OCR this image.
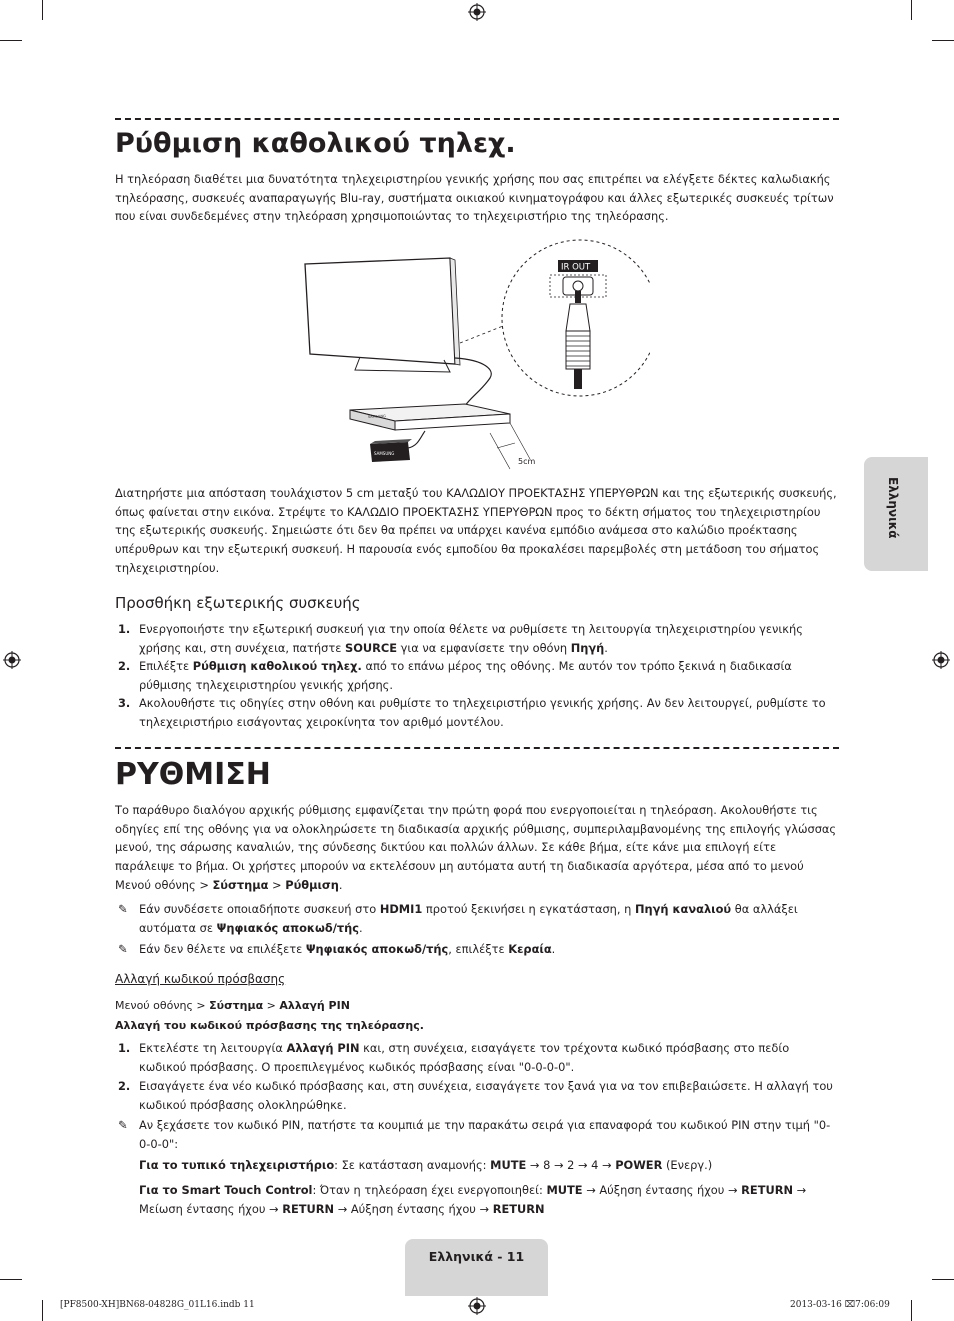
Ρύθμιση καθολικού τηλεχ.

Η τηλεόραση διαθέτει μια δυνατότητα τηλεχειριστηρίου γενικής χρήσης που σας επιτρέπει να ελέγξετε δέκτες καλωδιακής τηλεόρασης, συσκευές αναπαραγωγής Blu-ray, συστήματα οικιακού κινηματογράφου και άλλες εξωτερικές συσκευές τρίτων που είναι συνδεδεμένες στην τηλεόραση χρησιμοποιώντας το τηλεχειριστήριο της τηλεόρασης.

SAMSUNG
SAMSUNG
5cm
IR OUT

Διατηρήστε μια απόσταση τουλάχιστον 5 cm μεταξύ του ΚΑΛΩΔΙΟΥ ΠΡΟΕΚΤΑΣΗΣ ΥΠΕΡΥΘΡΩΝ και της εξωτερικής συσκευής, όπως φαίνεται στην εικόνα. Στρέψτε το ΚΑΛΩΔΙΟ ΠΡΟΕΚΤΑΣΗΣ ΥΠΕΡΥΘΡΩΝ προς το δέκτη σήματος του τηλεχειριστηρίου της εξωτερικής συσκευής. Σημειώστε ότι δεν θα πρέπει να υπάρχει κανένα εμπόδιο ανάμεσα στο καλώδιο προέκτασης υπέρυθρων και την εξωτερική συσκευή. Η παρουσία ενός εμποδίου θα προκαλέσει παρεμβολές στη μετάδοση του σήματος τηλεχειριστηρίου.

Προσθήκη εξωτερικής συσκευής
1. Ενεργοποιήστε την εξωτερική συσκευή για την οποία θέλετε να ρυθμίσετε τη λειτουργία τηλεχειριστηρίου γενικής χρήσης και, στη συνέχεια, πατήστε SOURCE για να εμφανίσετε την οθόνη Πηγή.
2. Επιλέξτε Ρύθμιση καθολικού τηλεχ. από το επάνω μέρος της οθόνης. Με αυτόν τον τρόπο ξεκινά η διαδικασία ρύθμισης τηλεχειριστηρίου γενικής χρήσης.
3. Ακολουθήστε τις οδηγίες στην οθόνη και ρυθμίστε το τηλεχειριστήριο γενικής χρήσης. Αν δεν λειτουργεί, ρυθμίστε το τηλεχειριστήριο εισάγοντας χειροκίνητα τον αριθμό μοντέλου.
ΡΥΘΜΙΣΗ

Το παράθυρο διαλόγου αρχικής ρύθμισης εμφανίζεται την πρώτη φορά που ενεργοποιείται η τηλεόραση. Ακολουθήστε τις οδηγίες επί της οθόνης για να ολοκληρώσετε τη διαδικασία αρχικής ρύθμισης, συμπεριλαμβανομένης της επιλογής γλώσσας μενού, της σάρωσης καναλιών, της σύνδεσης δικτύου και πολλών άλλων. Σε κάθε βήμα, είτε κάνε μια επιλογή είτε παράλειψε το βήμα. Οι χρήστες μπορούν να εκτελέσουν μη αυτόματα αυτή τη διαδικασία αργότερα, μέσα από το μενού Μενού οθόνης > Σύστημα > Ρύθμιση.

✎ Εάν συνδέσετε οποιαδήποτε συσκευή στο HDMI1 προτού ξεκινήσει η εγκατάσταση, η Πηγή καναλιού θα αλλάξει αυτόματα σε Ψηφιακός αποκωδ/τής.
✎ Εάν δεν θέλετε να επιλέξετε Ψηφιακός αποκωδ/τής, επιλέξτε Κεραία.
Αλλαγή κωδικού πρόσβασης
Μενού οθόνης > Σύστημα > Αλλαγή PIN
Αλλαγή του κωδικού πρόσβασης της τηλεόρασης.
1. Εκτελέστε τη λειτουργία Αλλαγή PIN και, στη συνέχεια, εισαγάγετε τον τρέχοντα κωδικό πρόσβασης στο πεδίο κωδικού πρόσβασης. Ο προεπιλεγμένος κωδικός πρόσβασης είναι "0-0-0-0".
2. Εισαγάγετε ένα νέο κωδικό πρόσβασης και, στη συνέχεια, εισαγάγετε τον ξανά για να τον επιβεβαιώσετε. Η αλλαγή του κωδικού πρόσβασης ολοκληρώθηκε.
✎ Αν ξεχάσετε τον κωδικό PIN, πατήστε τα κουμπιά με την παρακάτω σειρά για επαναφορά του κωδικού PIN στην τιμή "0-0-0-0":
Για το τυπικό τηλεχειριστήριο: Σε κατάσταση αναμονής: MUTE → 8 → 2 → 4 → POWER (Ενεργ.)
Για το Smart Touch Control: Όταν η τηλεόραση έχει ενεργοποιηθεί: MUTE → Αύξηση έντασης ήχου → RETURN → Μείωση έντασης ήχου → RETURN → Αύξηση έντασης ήχου → RETURN
Ελληνικά
Ελληνικά - 11
[PF8500-XH]BN68-04828G_01L16.indb 11	2013-03-16 ⌧7:06:09
